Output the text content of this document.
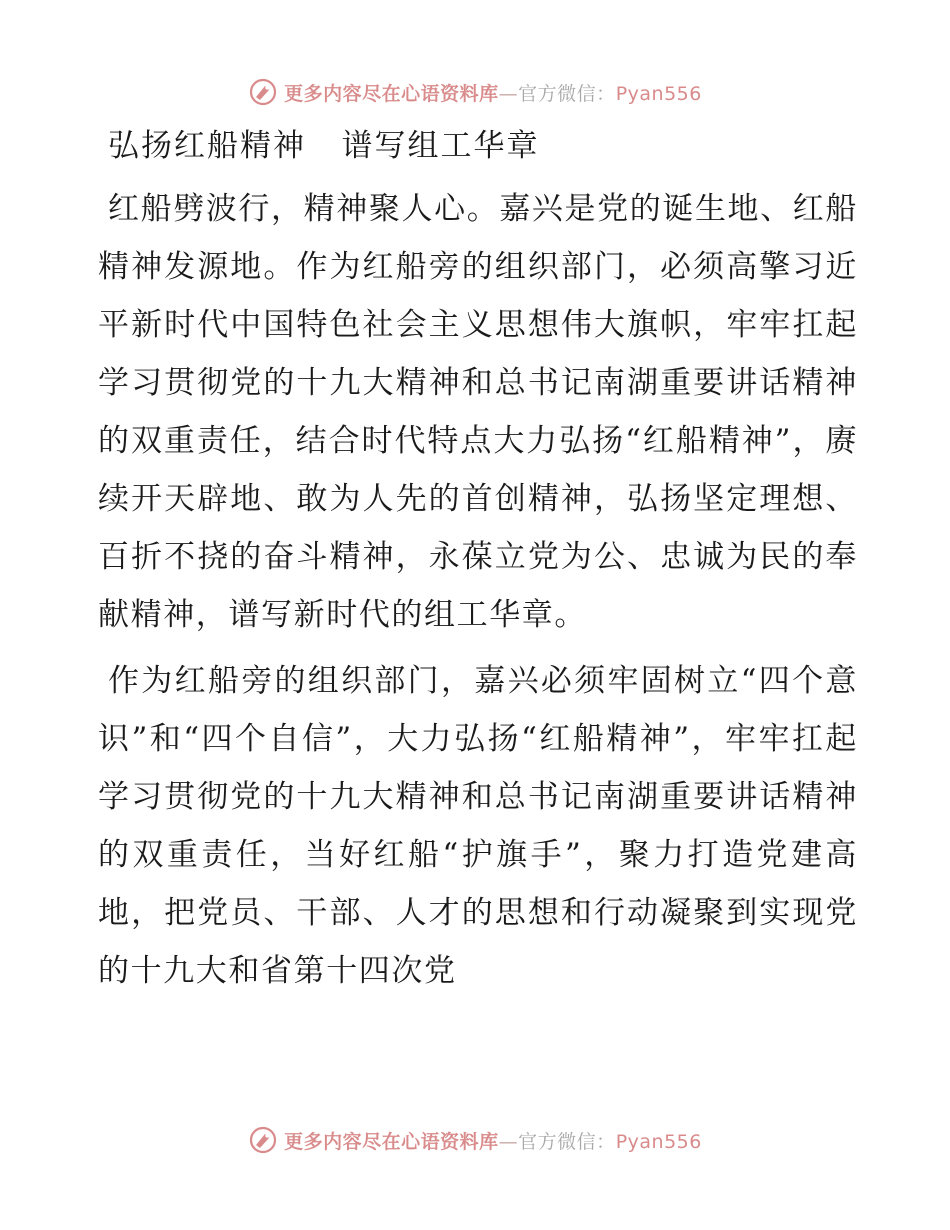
更多内容尽在心语资料库—官方微信：Pyan556
弘扬红船精神   谱写组工华章

红船劈波行，精神聚人心。嘉兴是党的诞生地、红船精神发源地。作为红船旁的组织部门，必须高擎习近平新时代中国特色社会主义思想伟大旗帜，牢牢扛起学习贯彻党的十九大精神和总书记南湖重要讲话精神的双重责任，结合时代特点大力弘扬“红船精神”，赓续开天辟地、敢为人先的首创精神，弘扬坚定理想、百折不挠的奋斗精神，永葆立党为公、忠诚为民的奉献精神，谱写新时代的组工华章。

作为红船旁的组织部门，嘉兴必须牢固树立“四个意识”和“四个自信”，大力弘扬“红船精神”，牢牢扛起学习贯彻党的十九大精神和总书记南湖重要讲话精神的双重责任，当好红船“护旗手”，聚力打造党建高地，把党员、干部、人才的思想和行动凝聚到实现党的十九大和省第十四次党

更多内容尽在心语资料库—官方微信：Pyan556
